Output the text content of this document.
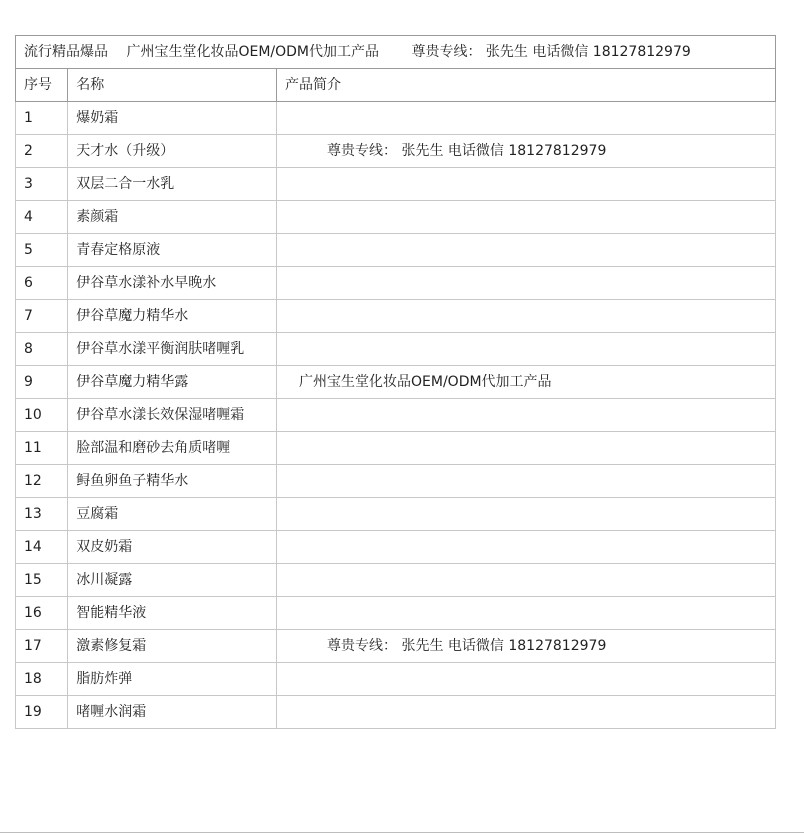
流行精品爆品 广州宝生堂化妆品OEM/ODM代加工产品 尊贵专线： 张先生 电话微信 18127812979		
序号	名称	产品简介
1	爆奶霜	
2	天才水（升级）	尊贵专线： 张先生 电话微信 18127812979
3	双层二合一水乳	
4	素颜霜	
5	青春定格原液	
6	伊谷草水漾补水早晚水	
7	伊谷草魔力精华水	
8	伊谷草水漾平衡润肤啫喱乳	
9	伊谷草魔力精华露	广州宝生堂化妆品OEM/ODM代加工产品
10	伊谷草水漾长效保湿啫喱霜	
11	脸部温和磨砂去角质啫喱	
12	鲟鱼卵鱼子精华水	
13	豆腐霜	
14	双皮奶霜	
15	冰川凝露	
16	智能精华液	
17	激素修复霜	尊贵专线： 张先生 电话微信 18127812979
18	脂肪炸弹	
19	啫喱水润霜	
